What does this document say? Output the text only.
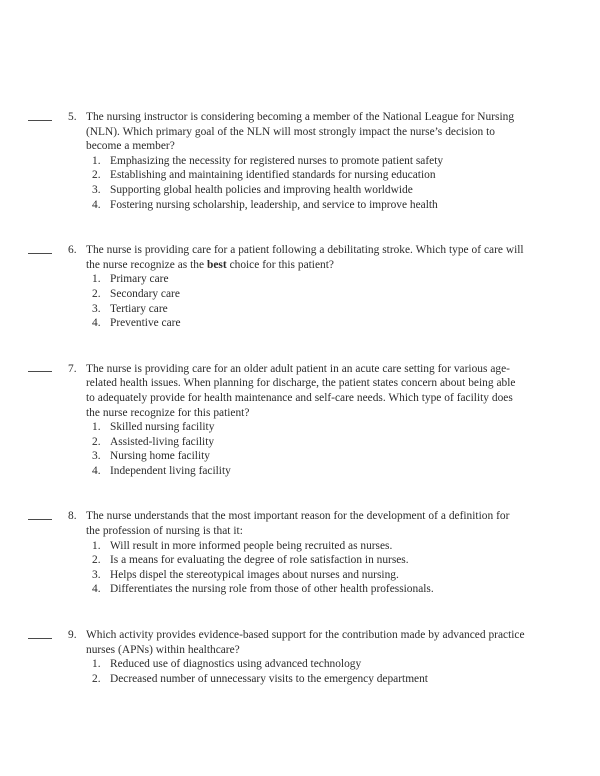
5. The nursing instructor is considering becoming a member of the National League for Nursing (NLN). Which primary goal of the NLN will most strongly impact the nurse’s decision to become a member?
1. Emphasizing the necessity for registered nurses to promote patient safety
2. Establishing and maintaining identified standards for nursing education
3. Supporting global health policies and improving health worldwide
4. Fostering nursing scholarship, leadership, and service to improve health
6. The nurse is providing care for a patient following a debilitating stroke. Which type of care will the nurse recognize as the best choice for this patient?
1. Primary care
2. Secondary care
3. Tertiary care
4. Preventive care
7. The nurse is providing care for an older adult patient in an acute care setting for various age-related health issues. When planning for discharge, the patient states concern about being able to adequately provide for health maintenance and self-care needs. Which type of facility does the nurse recognize for this patient?
1. Skilled nursing facility
2. Assisted-living facility
3. Nursing home facility
4. Independent living facility
8. The nurse understands that the most important reason for the development of a definition for the profession of nursing is that it:
1. Will result in more informed people being recruited as nurses.
2. Is a means for evaluating the degree of role satisfaction in nurses.
3. Helps dispel the stereotypical images about nurses and nursing.
4. Differentiates the nursing role from those of other health professionals.
9. Which activity provides evidence-based support for the contribution made by advanced practice nurses (APNs) within healthcare?
1. Reduced use of diagnostics using advanced technology
2. Decreased number of unnecessary visits to the emergency department
